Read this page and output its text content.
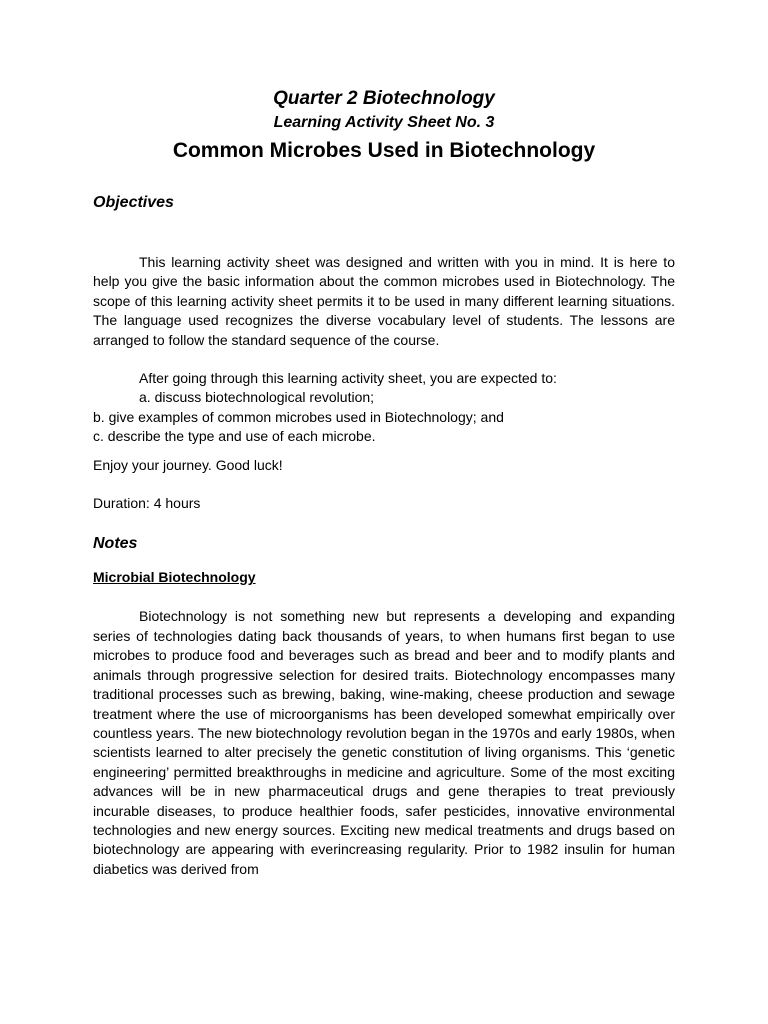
Quarter 2 Biotechnology
Learning Activity Sheet No. 3
Common Microbes Used in Biotechnology
Objectives

This learning activity sheet was designed and written with you in mind. It is here to help you give the basic information about the common microbes used in Biotechnology. The scope of this learning activity sheet permits it to be used in many different learning situations. The language used recognizes the diverse vocabulary level of students. The lessons are arranged to follow the standard sequence of the course.

After going through this learning activity sheet, you are expected to:

a. discuss biotechnological revolution;

b. give examples of common microbes used in Biotechnology; and

c. describe the type and use of each microbe.

Enjoy your journey. Good luck!

Duration: 4 hours

Notes
Microbial Biotechnology

Biotechnology is not something new but represents a developing and expanding series of technologies dating back thousands of years, to when humans first began to use microbes to produce food and beverages such as bread and beer and to modify plants and animals through progressive selection for desired traits. Biotechnology encompasses many traditional processes such as brewing, baking, wine-making, cheese production and sewage treatment where the use of microorganisms has been developed somewhat empirically over countless years. The new biotechnology revolution began in the 1970s and early 1980s, when scientists learned to alter precisely the genetic constitution of living organisms. This ‘genetic engineering’ permitted breakthroughs in medicine and agriculture. Some of the most exciting advances will be in new pharmaceutical drugs and gene therapies to treat previously incurable diseases, to produce healthier foods, safer pesticides, innovative environmental technologies and new energy sources. Exciting new medical treatments and drugs based on biotechnology are appearing with everincreasing regularity. Prior to 1982 insulin for human diabetics was derived from
